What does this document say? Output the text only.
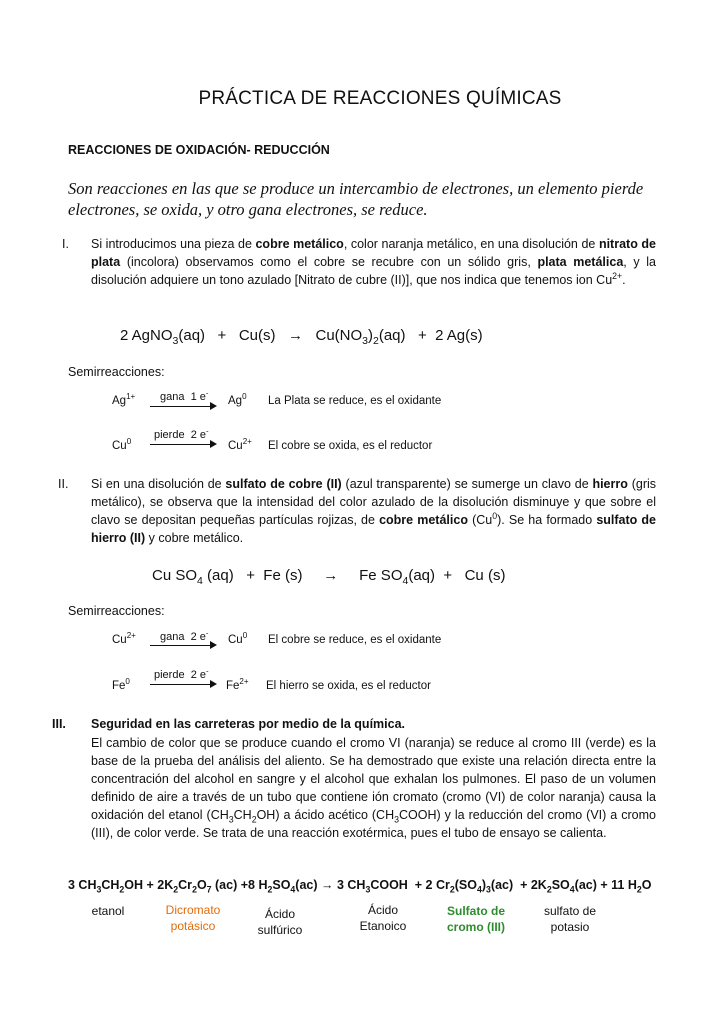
PRÁCTICA DE REACCIONES QUÍMICAS
REACCIONES DE OXIDACIÓN- REDUCCIÓN
Son reacciones en las que se produce un intercambio de electrones, un elemento pierde electrones, se oxida, y otro gana electrones, se reduce.
I. Si introducimos una pieza de cobre metálico, color naranja metálico, en una disolución de nitrato de plata (incolora) observamos como el cobre se recubre con un sólido gris, plata metálica, y la disolución adquiere un tono azulado [Nitrato de cubre (II)], que nos indica que tenemos ion $Cu^{2+}$.
2 AgNO$_3$(aq)   +   $Cu(s) \to Cu(NO_3)_2(aq) + 2$ Ag(s)
Semirreacciones:
$Ag^{1+}$ gana  1 e-
Ag$^0$ La Plata se reduce, es el oxidante
Cu$^0$
pierde  2 e-
$Cu^{2+}$ El cobre se oxida, es el reductor
II. Si en una disolución de sulfato de cobre (II) (azul transparente) se sumerge un clavo de hierro (gris metálico), se observa que la intensidad del color azulado de la disolución disminuye y que sobre el clavo se depositan pequeñas partículas rojizas, de cobre metálico (Cu$^0$). Se ha formado sulfato de hierro (II) y cobre metálico.
Cu $SO_4$ (aq)   +  Fe (s)     →     Fe $SO_4(aq) + Cu$ (s)
Semirreacciones:
$Cu^{2+}$ gana  2 e-
Cu$^0$ El cobre se reduce, es el oxidante
Fe$^0$
pierde  2 e-
$Fe^{2+}$ El hierro se oxida, es el reductor
III. Seguridad en las carreteras por medio de la química.
El cambio de color que se produce cuando el cromo VI (naranja) se reduce al cromo III (verde) es la base de la prueba del análisis del aliento. Se ha demostrado que existe una relación directa entre la concentración del alcohol en sangre y el alcohol que exhalan los pulmones. El paso de un volumen definido de aire a través de un tubo que contiene ión cromato (cromo (VI) de color naranja) causa la oxidación del etanol $(CH_3CH_2OH)$ a ácido acético $(CH_3COOH)$ y la reducción del cromo (VI) a cromo (III), de color verde. Se trata de una reacción exotérmica, pues el tubo de ensayo se calienta.
3 $CH_3CH_2OH + 2K_2Cr_2O_7$ (ac) +8 $H_2SO_4(ac) \to 3$ $CH_3COOH + 2$ $Cr_2(SO_4)_3(ac) + 2K_2SO_4(ac) + 11$ $H_2O$
etanol	Dicromato potásico
Ácido sulfúrico
Ácido Etanoico
Sulfato de cromo (III)
sulfato de potasio
